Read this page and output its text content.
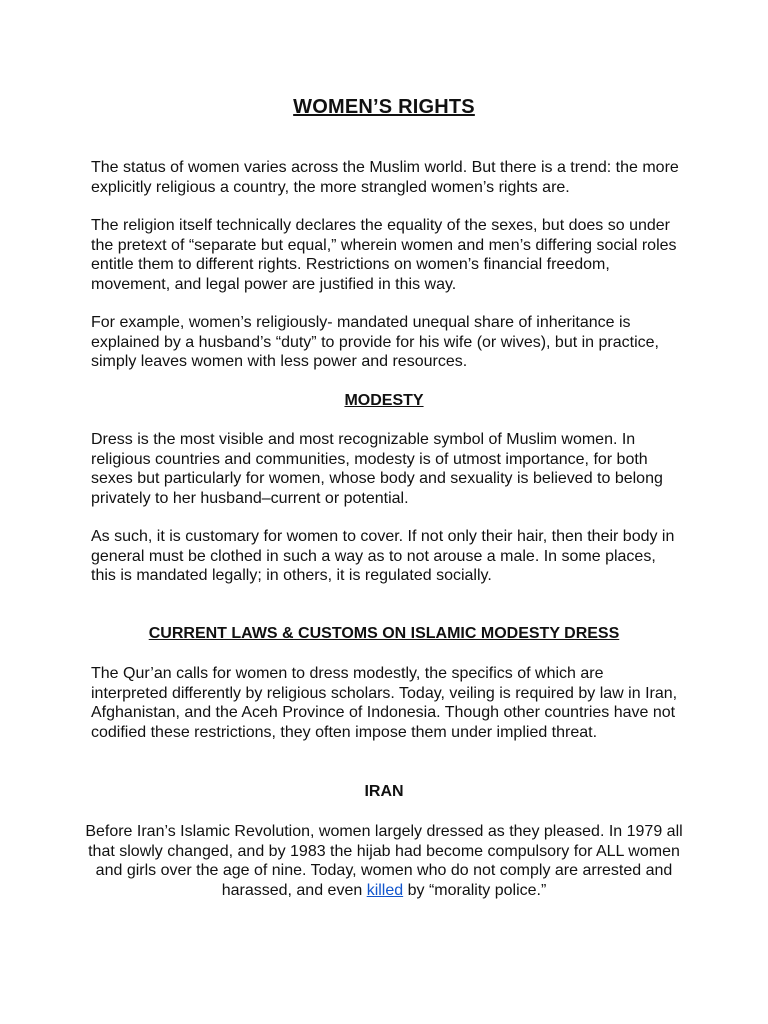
WOMEN’S RIGHTS

The status of women varies across the Muslim world. But there is a trend: the more explicitly religious a country, the more strangled women’s rights are.

The religion itself technically declares the equality of the sexes, but does so under the pretext of “separate but equal,” wherein women and men’s differing social roles entitle them to different rights. Restrictions on women’s financial freedom, movement, and legal power are justified in this way.

For example, women’s religiously- mandated unequal share of inheritance is explained by a husband’s “duty” to provide for his wife (or wives), but in practice, simply leaves women with less power and resources.

MODESTY

Dress is the most visible and most recognizable symbol of Muslim women. In religious countries and communities, modesty is of utmost importance, for both sexes but particularly for women, whose body and sexuality is believed to belong privately to her husband–current or potential.

As such, it is customary for women to cover. If not only their hair, then their body in general must be clothed in such a way as to not arouse a male. In some places, this is mandated legally; in others, it is regulated socially.

CURRENT LAWS & CUSTOMS ON ISLAMIC MODESTY DRESS

The Qur’an calls for women to dress modestly, the specifics of which are interpreted differently by religious scholars. Today, veiling is required by law in Iran, Afghanistan, and the Aceh Province of Indonesia. Though other countries have not codified these restrictions, they often impose them under implied threat.

IRAN

Before Iran’s Islamic Revolution, women largely dressed as they pleased. In 1979 all that slowly changed, and by 1983 the hijab had become compulsory for ALL women and girls over the age of nine. Today, women who do not comply are arrested and harassed, and even killed by “morality police.”
